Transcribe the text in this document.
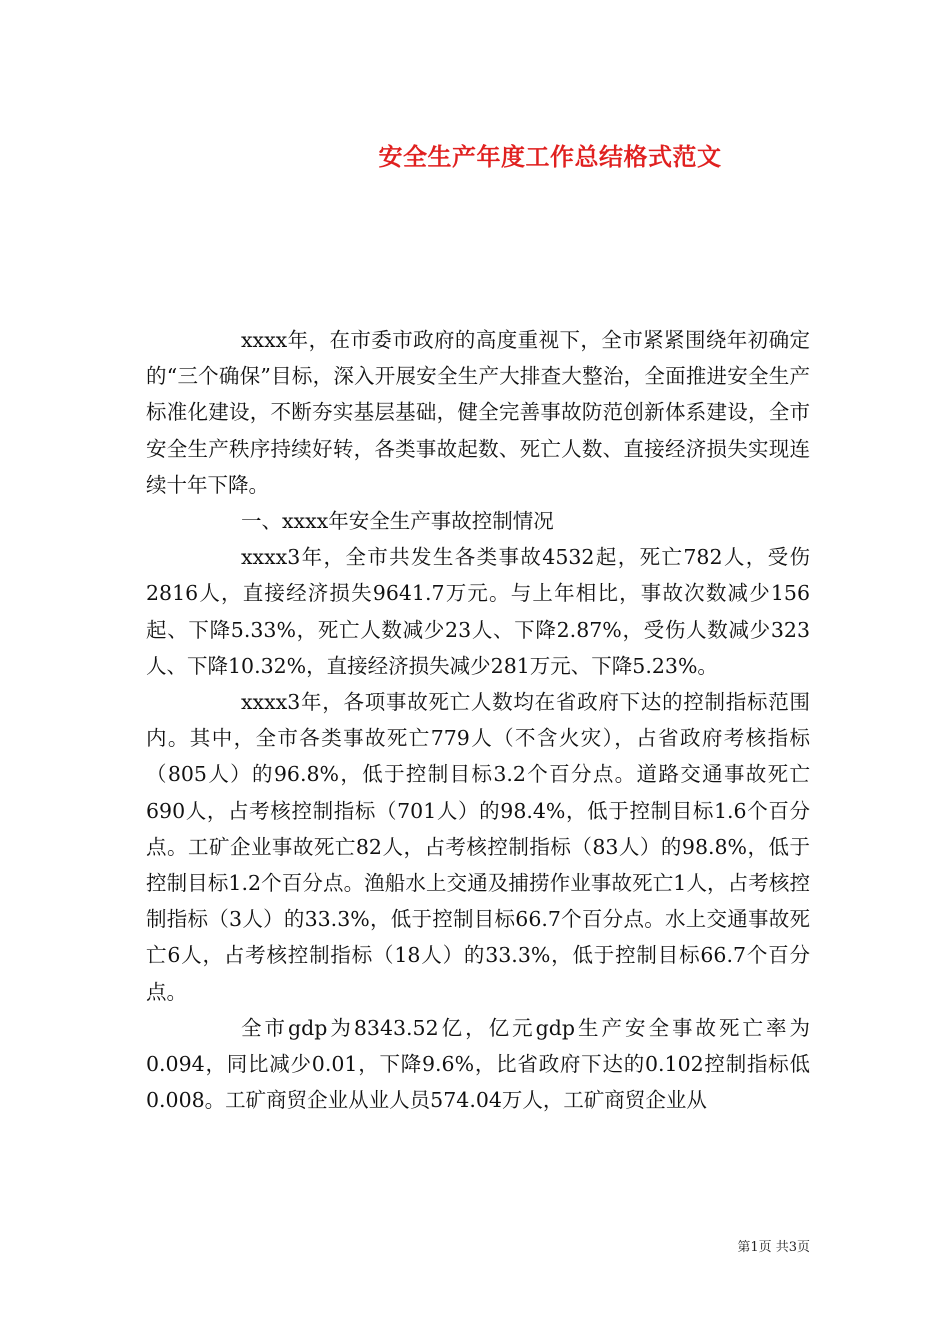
安全生产年度工作总结格式范文

xxxx年，在市委市政府的高度重视下，全市紧紧围绕年初确定的“三个确保”目标，深入开展安全生产大排查大整治，全面推进安全生产标准化建设，不断夯实基层基础，健全完善事故防范创新体系建设，全市安全生产秩序持续好转，各类事故起数、死亡人数、直接经济损失实现连续十年下降。

一、xxxx年安全生产事故控制情况

xxxx3年，全市共发生各类事故4532起，死亡782人，受伤2816人，直接经济损失9641.7万元。与上年相比，事故次数减少156起、下降5.33%，死亡人数减少23人、下降2.87%，受伤人数减少323人、下降10.32%，直接经济损失减少281万元、下降5.23%。

xxxx3年，各项事故死亡人数均在省政府下达的控制指标范围内。其中，全市各类事故死亡779人（不含火灾），占省政府考核指标（805人）的96.8%，低于控制目标3.2个百分点。道路交通事故死亡690人，占考核控制指标（701人）的98.4%，低于控制目标1.6个百分点。工矿企业事故死亡82人，占考核控制指标（83人）的98.8%，低于控制目标1.2个百分点。渔船水上交通及捕捞作业事故死亡1人，占考核控制指标（3人）的33.3%，低于控制目标66.7个百分点。水上交通事故死亡6人，占考核控制指标（18人）的33.3%，低于控制目标66.7个百分点。

全市gdp为8343.52亿，亿元gdp生产安全事故死亡率为0.094，同比减少0.01，下降9.6%，比省政府下达的0.102控制指标低0.008。工矿商贸企业从业人员574.04万人，工矿商贸企业从

第1页 共3页
